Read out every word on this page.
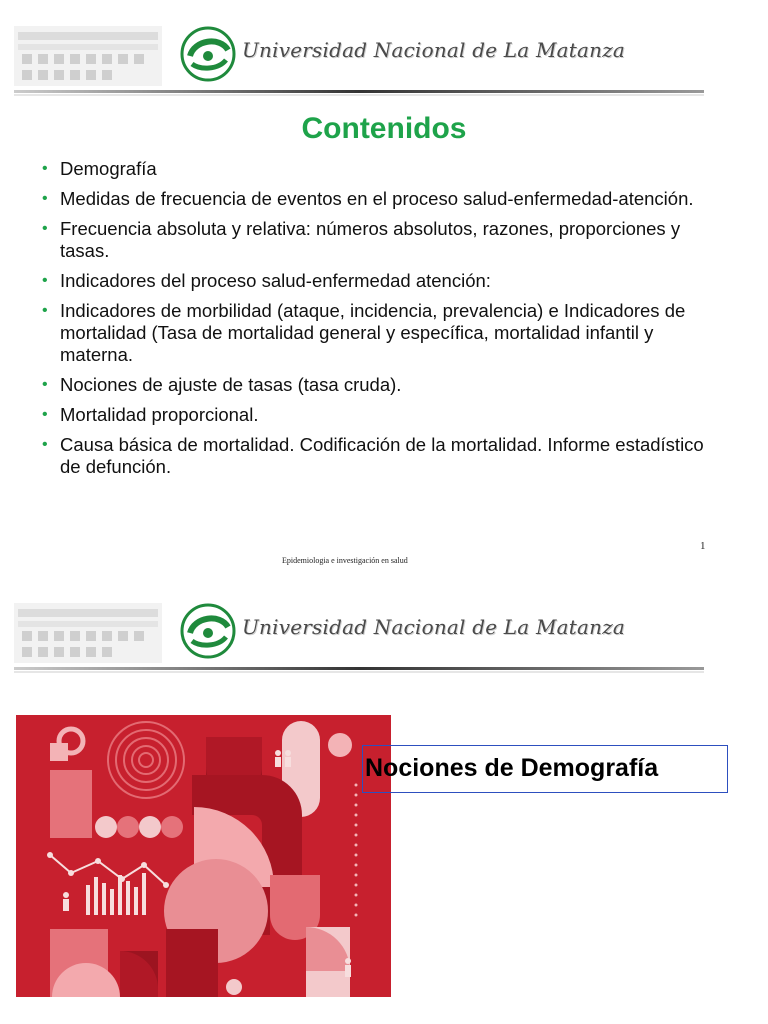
Universidad Nacional de La Matanza
Contenidos
• Demografía
• Medidas de frecuencia de eventos en el proceso salud-enfermedad-atención.
• Frecuencia absoluta y relativa: números absolutos, razones, proporciones y tasas.
• Indicadores del proceso salud-enfermedad atención:
• Indicadores de morbilidad (ataque, incidencia, prevalencia) e Indicadores de mortalidad (Tasa de mortalidad general y específica, mortalidad infantil y materna.
• Nociones de ajuste de tasas (tasa cruda).
• Mortalidad proporcional.
• Causa básica de mortalidad. Codificación de la mortalidad. Informe estadístico de defunción.
1
Epidemiologia e investigación en salud
Universidad Nacional de La Matanza
Nociones de Demografía
